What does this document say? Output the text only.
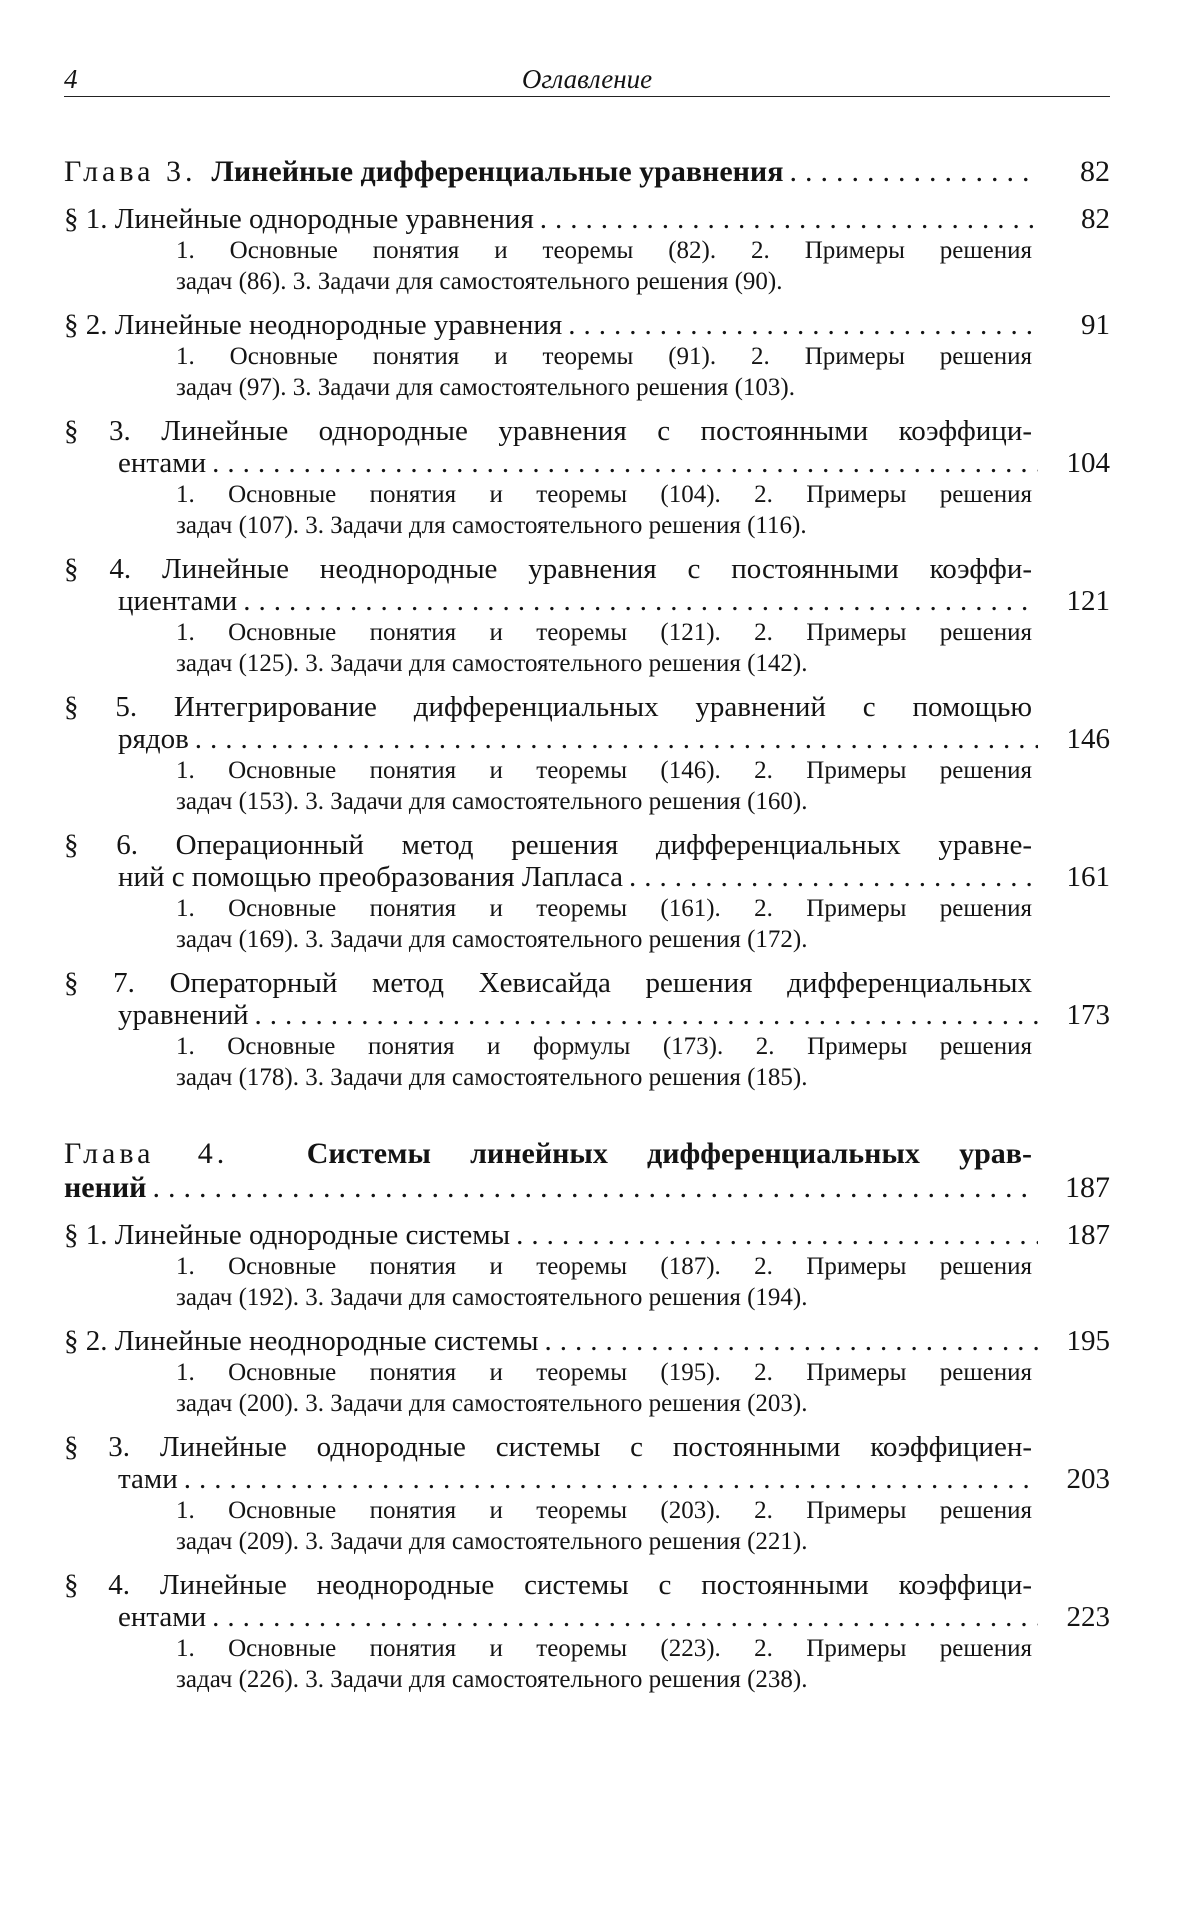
4	Оглавление
Глава 3. Линейные дифференциальные уравнения .....	82
§ 1. Линейные однородные уравнения .....	82
1. Основные понятия и теоремы (82). 2. Примеры решения
задач (86). 3. Задачи для самостоятельного решения (90).
§ 2. Линейные неоднородные уравнения .....	91
1. Основные понятия и теоремы (91). 2. Примеры решения
задач (97). 3. Задачи для самостоятельного решения (103).
§ 3. Линейные однородные уравнения с постоянными коэффици-
ентами .....	104
1. Основные понятия и теоремы (104). 2. Примеры решения
задач (107). 3. Задачи для самостоятельного решения (116).
§ 4. Линейные неоднородные уравнения с постоянными коэффи-
циентами .....	121
1. Основные понятия и теоремы (121). 2. Примеры решения
задач (125). 3. Задачи для самостоятельного решения (142).
§ 5. Интегрирование дифференциальных уравнений с помощью
рядов .....	146
1. Основные понятия и теоремы (146). 2. Примеры решения
задач (153). 3. Задачи для самостоятельного решения (160).
§ 6. Операционный метод решения дифференциальных уравне-
ний с помощью преобразования Лапласа .....	161
1. Основные понятия и теоремы (161). 2. Примеры решения
задач (169). 3. Задачи для самостоятельного решения (172).
§ 7. Операторный метод Хевисайда решения дифференциальных
уравнений .....	173
1. Основные понятия и формулы (173). 2. Примеры решения
задач (178). 3. Задачи для самостоятельного решения (185).
Глава 4.	Системы линейных дифференциальных урав-
нений .....	187
§ 1. Линейные однородные системы .....	187
1. Основные понятия и теоремы (187). 2. Примеры решения
задач (192). 3. Задачи для самостоятельного решения (194).
§ 2. Линейные неоднородные системы .....	195
1. Основные понятия и теоремы (195). 2. Примеры решения
задач (200). 3. Задачи для самостоятельного решения (203).
§ 3. Линейные однородные системы с постоянными коэффициен-
тами .....	203
1. Основные понятия и теоремы (203). 2. Примеры решения
задач (209). 3. Задачи для самостоятельного решения (221).
§ 4. Линейные неоднородные системы с постоянными коэффици-
ентами .....	223
1. Основные понятия и теоремы (223). 2. Примеры решения
задач (226). 3. Задачи для самостоятельного решения (238).
